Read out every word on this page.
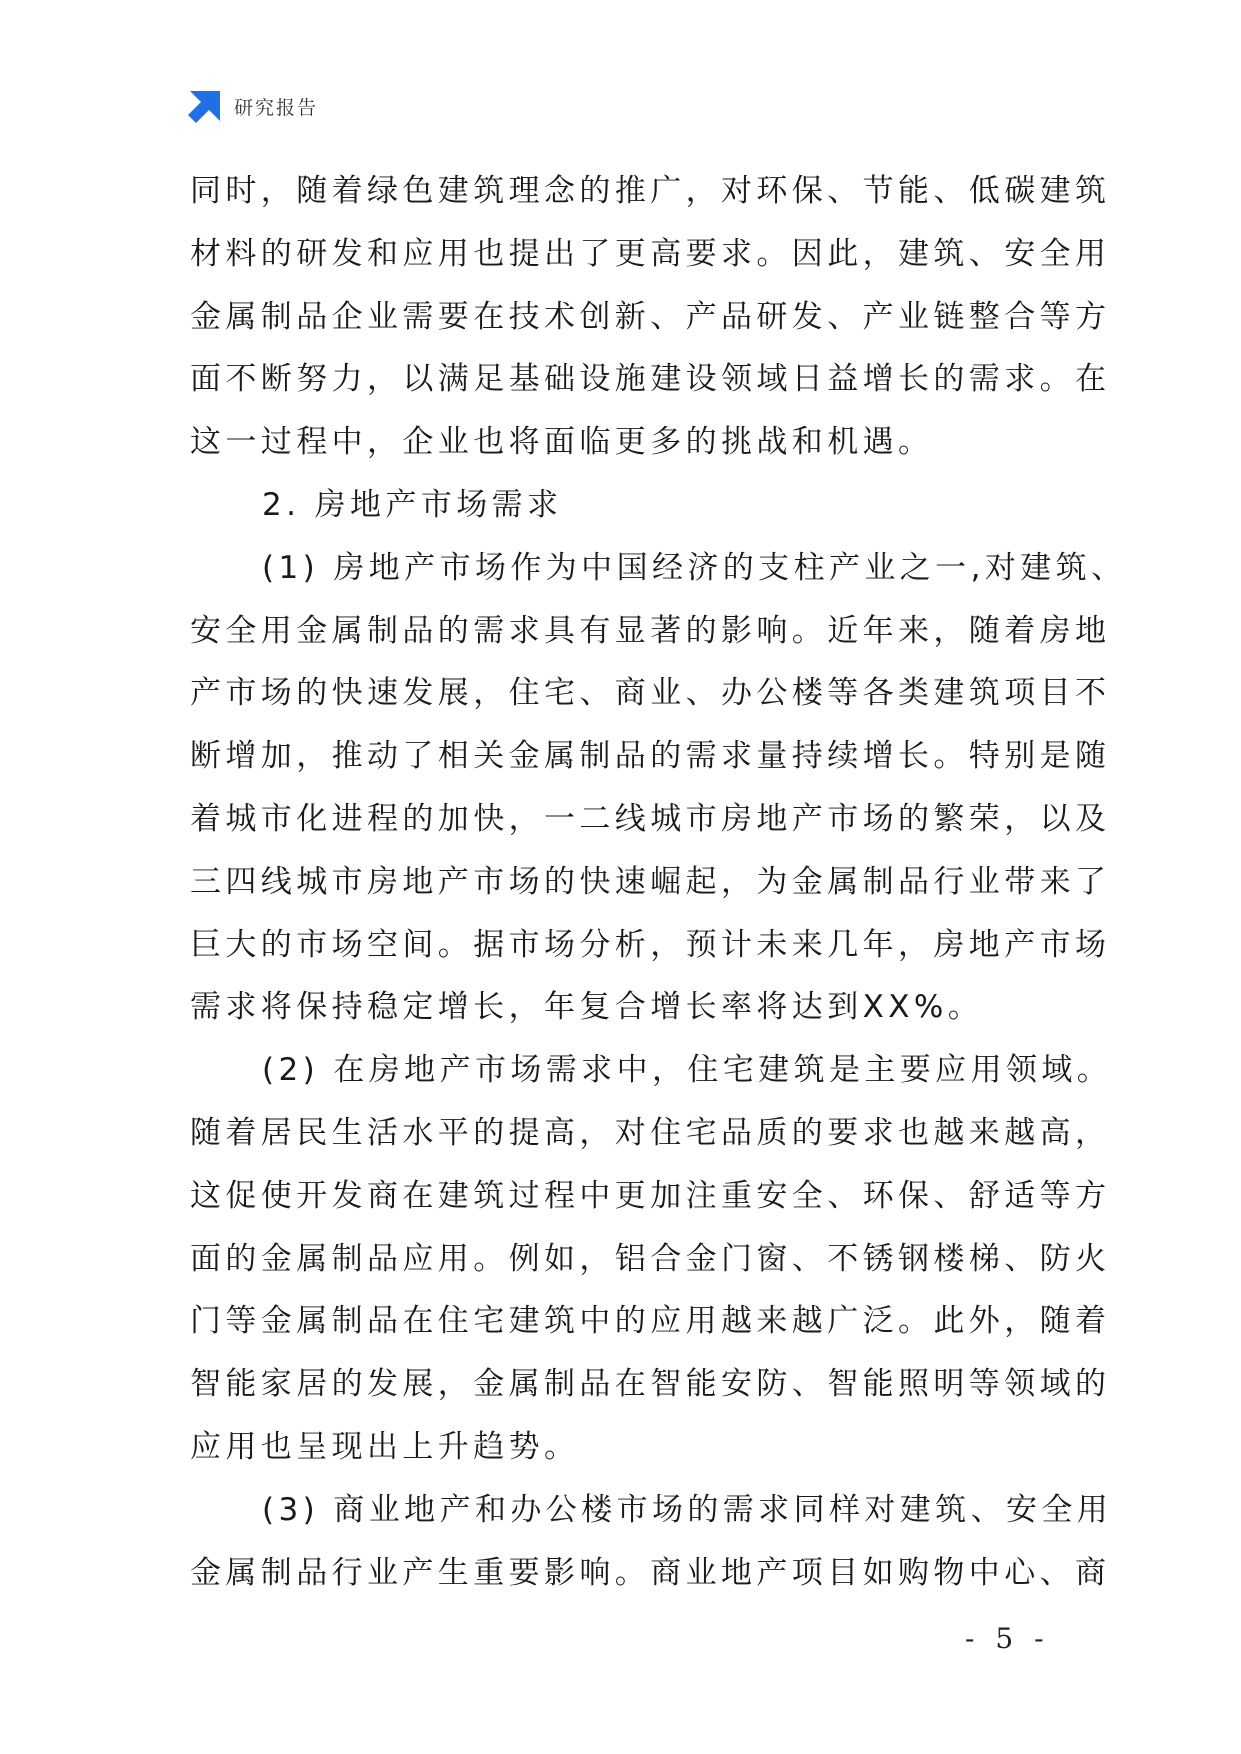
研究报告
同时，随着绿色建筑理念的推广，对环保、节能、低碳建筑
材料的研发和应用也提出了更高要求。因此，建筑、安全用
金属制品企业需要在技术创新、产品研发、产业链整合等方
面不断努力，以满足基础设施建设领域日益增长的需求。在
这一过程中，企业也将面临更多的挑战和机遇。
2. 房地产市场需求
(1) 房地产市场作为中国经济的支柱产业之一,对建筑、
安全用金属制品的需求具有显著的影响。近年来，随着房地
产市场的快速发展，住宅、商业、办公楼等各类建筑项目不
断增加，推动了相关金属制品的需求量持续增长。特别是随
着城市化进程的加快，一二线城市房地产市场的繁荣，以及
三四线城市房地产市场的快速崛起，为金属制品行业带来了
巨大的市场空间。据市场分析，预计未来几年，房地产市场
需求将保持稳定增长，年复合增长率将达到XX%。
(2) 在房地产市场需求中，住宅建筑是主要应用领域。
随着居民生活水平的提高，对住宅品质的要求也越来越高，
这促使开发商在建筑过程中更加注重安全、环保、舒适等方
面的金属制品应用。例如，铝合金门窗、不锈钢楼梯、防火
门等金属制品在住宅建筑中的应用越来越广泛。此外，随着
智能家居的发展，金属制品在智能安防、智能照明等领域的
应用也呈现出上升趋势。
(3) 商业地产和办公楼市场的需求同样对建筑、安全用
金属制品行业产生重要影响。商业地产项目如购物中心、商
- 5 -
